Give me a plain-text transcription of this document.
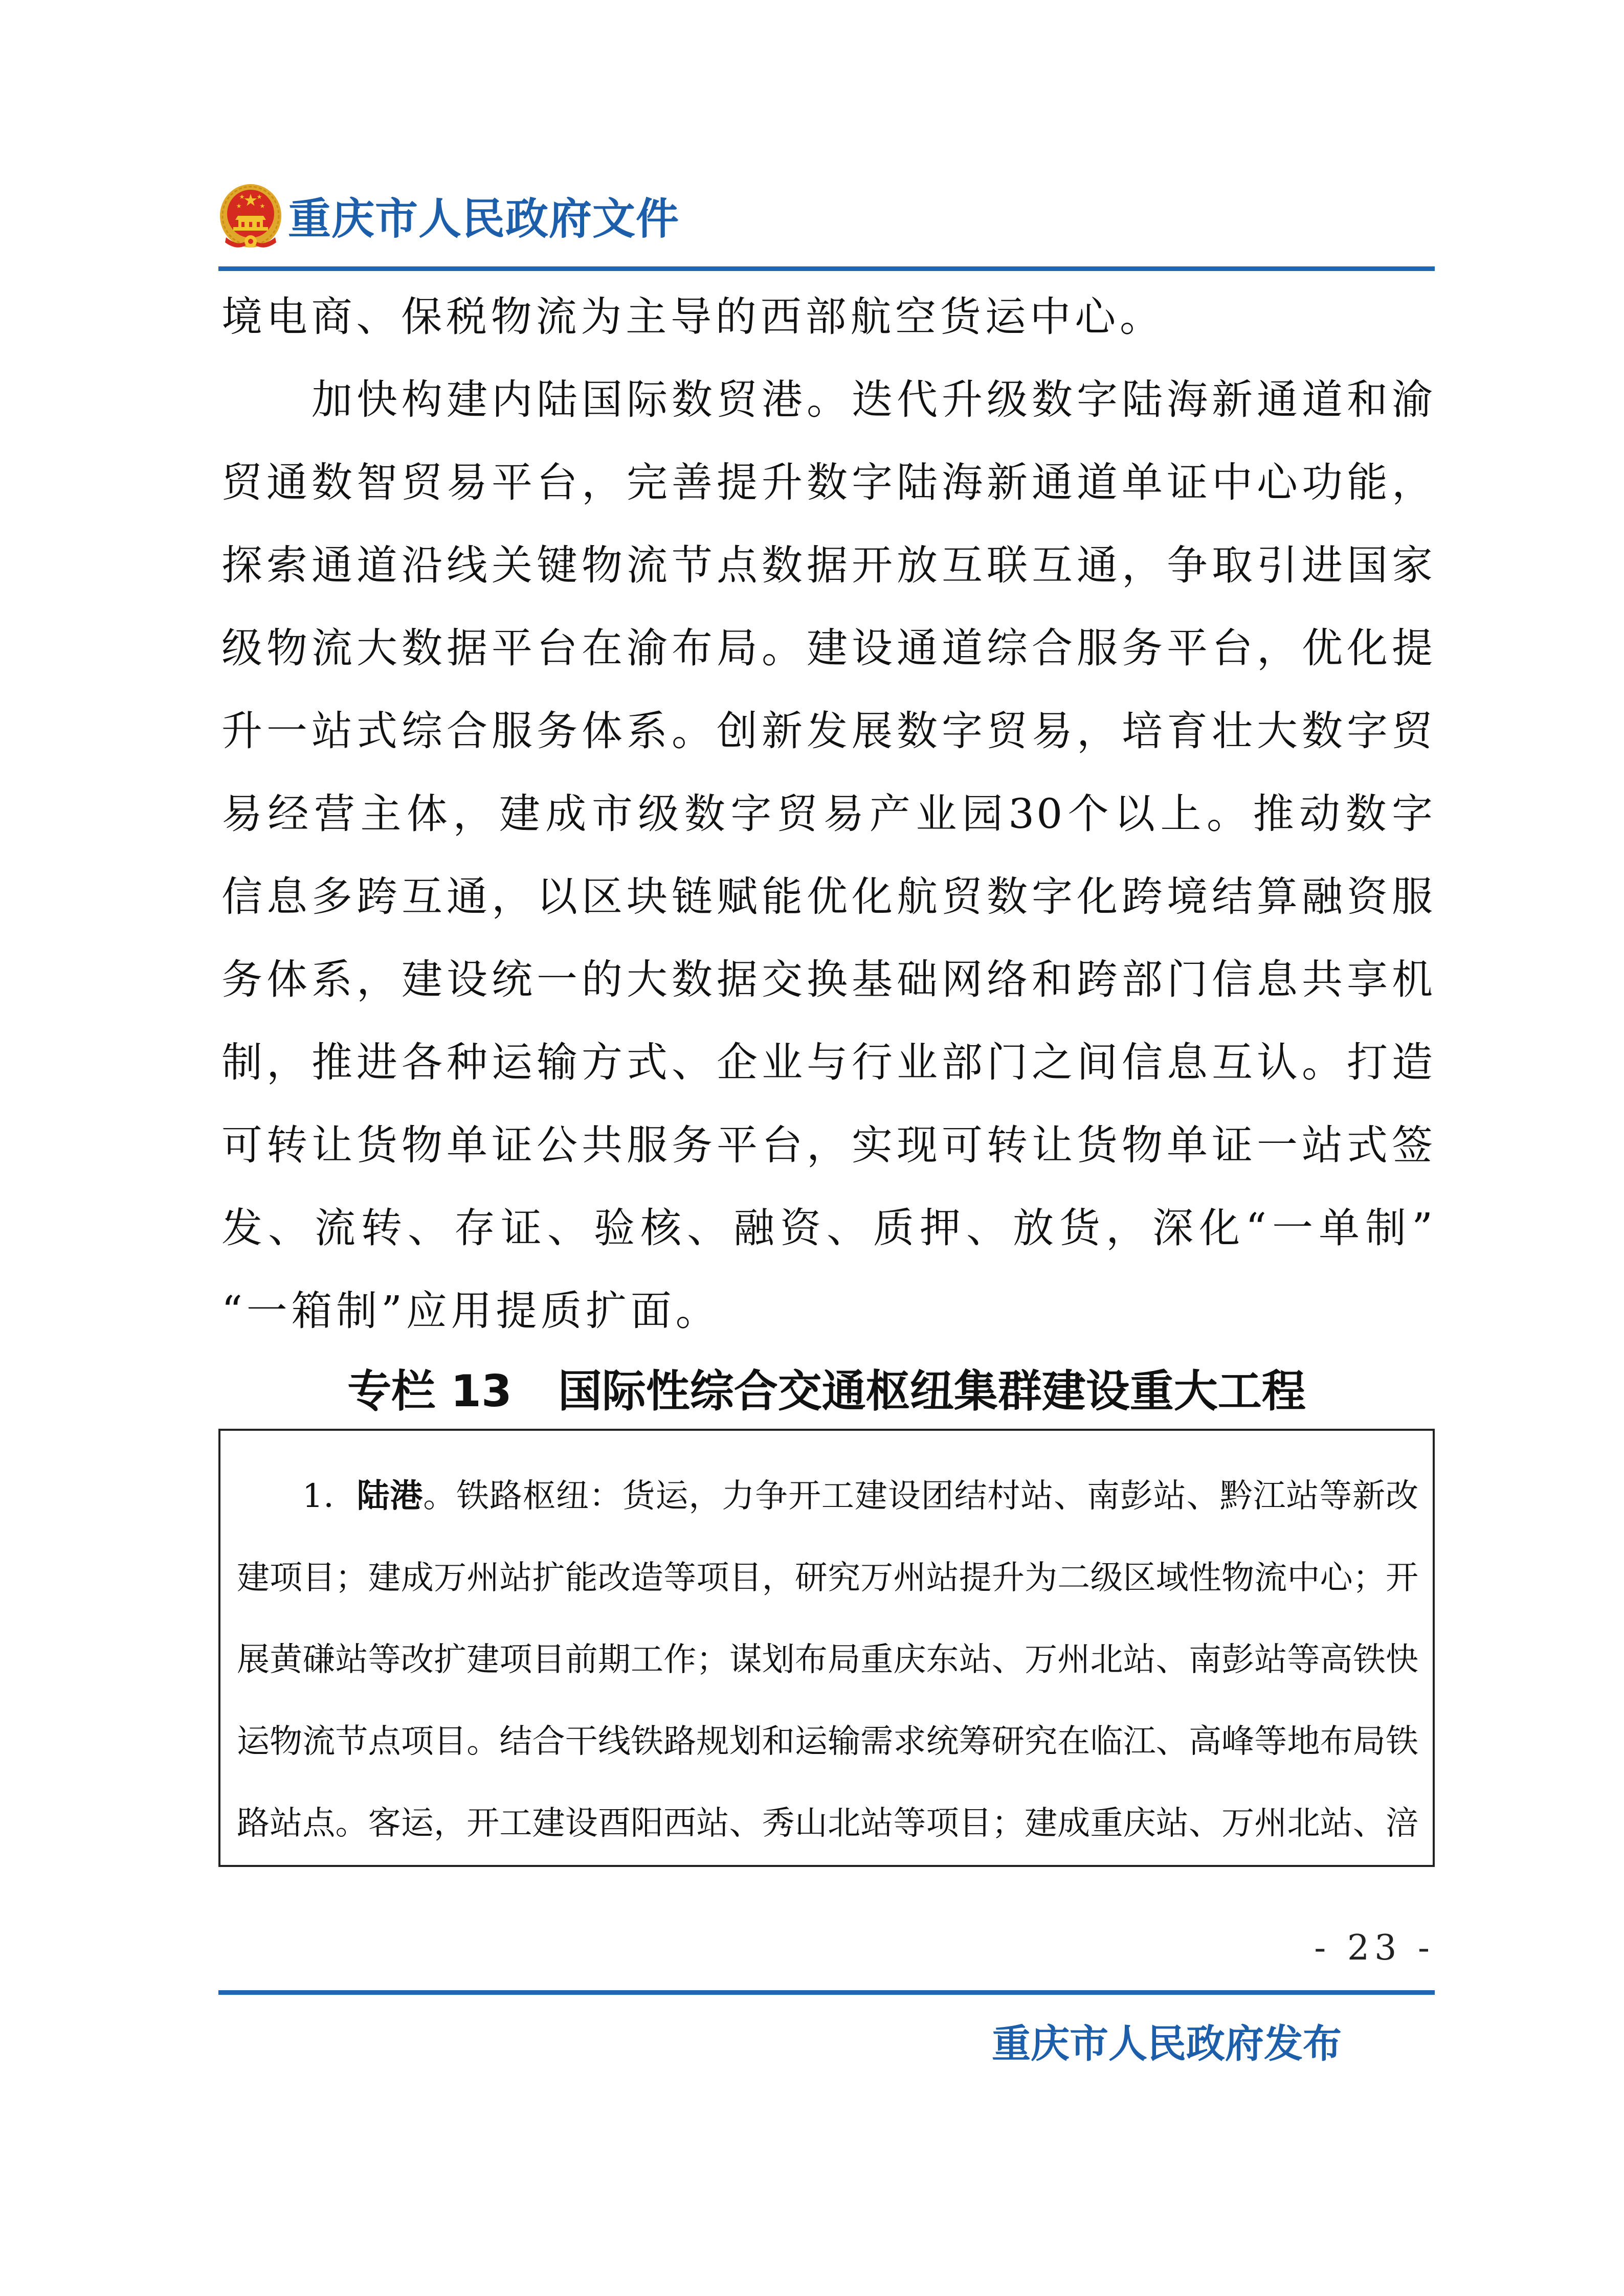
重庆市人民政府文件
境电商、保税物流为主导的西部航空货运中心。
加快构建内陆国际数贸港。迭代升级数字陆海新通道和渝
贸通数智贸易平台，完善提升数字陆海新通道单证中心功能，
探索通道沿线关键物流节点数据开放互联互通，争取引进国家
级物流大数据平台在渝布局。建设通道综合服务平台，优化提
升一站式综合服务体系。创新发展数字贸易，培育壮大数字贸
易经营主体，建成市级数字贸易产业园30个以上。推动数字
信息多跨互通，以区块链赋能优化航贸数字化跨境结算融资服
务体系，建设统一的大数据交换基础网络和跨部门信息共享机
制，推进各种运输方式、企业与行业部门之间信息互认。打造
可转让货物单证公共服务平台，实现可转让货物单证一站式签
发、流转、存证、验核、融资、质押、放货，深化“一单制”
“一箱制”应用提质扩面。
专栏 13 国际性综合交通枢纽集群建设重大工程
1．陆港。铁路枢纽：货运，力争开工建设团结村站、南彭站、黔江站等新改
建项目；建成万州站扩能改造等项目，研究万州站提升为二级区域性物流中心；开
展黄磏站等改扩建项目前期工作；谋划布局重庆东站、万州北站、南彭站等高铁快
运物流节点项目。结合干线铁路规划和运输需求统筹研究在临江、高峰等地布局铁
路站点。客运，开工建设酉阳西站、秀山北站等项目；建成重庆站、万州北站、涪
- 23 -
重庆市人民政府发布
